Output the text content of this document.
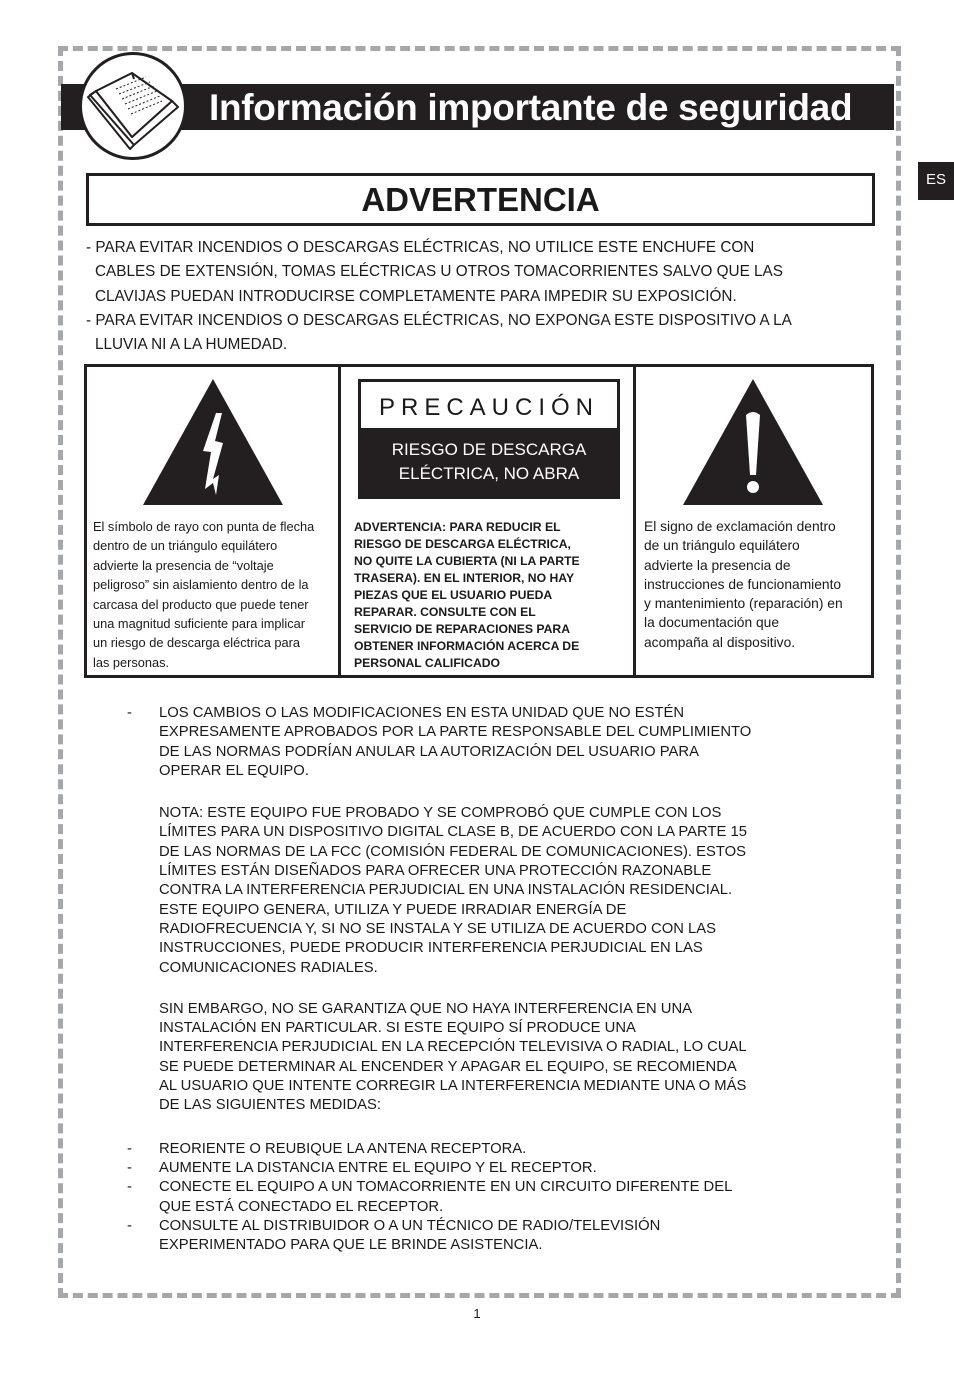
Información importante de seguridad
ES
ADVERTENCIA
- PARA EVITAR INCENDIOS O DESCARGAS ELÉCTRICAS, NO UTILICE ESTE ENCHUFE CON
CABLES DE EXTENSIÓN, TOMAS ELÉCTRICAS U OTROS TOMACORRIENTES SALVO QUE LAS
CLAVIJAS PUEDAN INTRODUCIRSE COMPLETAMENTE PARA IMPEDIR SU EXPOSICIÓN.
- PARA EVITAR INCENDIOS O DESCARGAS ELÉCTRICAS, NO EXPONGA ESTE DISPOSITIVO A LA
LLUVIA NI A LA HUMEDAD.
El símbolo de rayo con punta de flecha
dentro de un triángulo equilátero
advierte la presencia de “voltaje
peligroso” sin aislamiento dentro de la
carcasa del producto que puede tener
una magnitud suficiente para implicar
un riesgo de descarga eléctrica para
las personas.
PRECAUCIÓN
RIESGO DE DESCARGA
ELÉCTRICA, NO ABRA
ADVERTENCIA: PARA REDUCIR EL
RIESGO DE DESCARGA ELÉCTRICA,
NO QUITE LA CUBIERTA (NI LA PARTE
TRASERA). EN EL INTERIOR, NO HAY
PIEZAS QUE EL USUARIO PUEDA
REPARAR. CONSULTE CON EL
SERVICIO DE REPARACIONES PARA
OBTENER INFORMACIÓN ACERCA DE
PERSONAL CALIFICADO
El signo de exclamación dentro
de un triángulo equilátero
advierte la presencia de
instrucciones de funcionamiento
y mantenimiento (reparación) en
la documentación que
acompaña al dispositivo.
- LOS CAMBIOS O LAS MODIFICACIONES EN ESTA UNIDAD QUE NO ESTÉN
EXPRESAMENTE APROBADOS POR LA PARTE RESPONSABLE DEL CUMPLIMIENTO
DE LAS NORMAS PODRÍAN ANULAR LA AUTORIZACIÓN DEL USUARIO PARA
OPERAR EL EQUIPO.
NOTA: ESTE EQUIPO FUE PROBADO Y SE COMPROBÓ QUE CUMPLE CON LOS
LÍMITES PARA UN DISPOSITIVO DIGITAL CLASE B, DE ACUERDO CON LA PARTE 15
DE LAS NORMAS DE LA FCC (COMISIÓN FEDERAL DE COMUNICACIONES). ESTOS
LÍMITES ESTÁN DISEÑADOS PARA OFRECER UNA PROTECCIÓN RAZONABLE
CONTRA LA INTERFERENCIA PERJUDICIAL EN UNA INSTALACIÓN RESIDENCIAL.
ESTE EQUIPO GENERA, UTILIZA Y PUEDE IRRADIAR ENERGÍA DE
RADIOFRECUENCIA Y, SI NO SE INSTALA Y SE UTILIZA DE ACUERDO CON LAS
INSTRUCCIONES, PUEDE PRODUCIR INTERFERENCIA PERJUDICIAL EN LAS
COMUNICACIONES RADIALES.
SIN EMBARGO, NO SE GARANTIZA QUE NO HAYA INTERFERENCIA EN UNA
INSTALACIÓN EN PARTICULAR. SI ESTE EQUIPO SÍ PRODUCE UNA
INTERFERENCIA PERJUDICIAL EN LA RECEPCIÓN TELEVISIVA O RADIAL, LO CUAL
SE PUEDE DETERMINAR AL ENCENDER Y APAGAR EL EQUIPO, SE RECOMIENDA
AL USUARIO QUE INTENTE CORREGIR LA INTERFERENCIA MEDIANTE UNA O MÁS
DE LAS SIGUIENTES MEDIDAS:
- REORIENTE O REUBIQUE LA ANTENA RECEPTORA.
- AUMENTE LA DISTANCIA ENTRE EL EQUIPO Y EL RECEPTOR.
- CONECTE EL EQUIPO A UN TOMACORRIENTE EN UN CIRCUITO DIFERENTE DEL
QUE ESTÁ CONECTADO EL RECEPTOR.
- CONSULTE AL DISTRIBUIDOR O A UN TÉCNICO DE RADIO/TELEVISIÓN
EXPERIMENTADO PARA QUE LE BRINDE ASISTENCIA.
1
